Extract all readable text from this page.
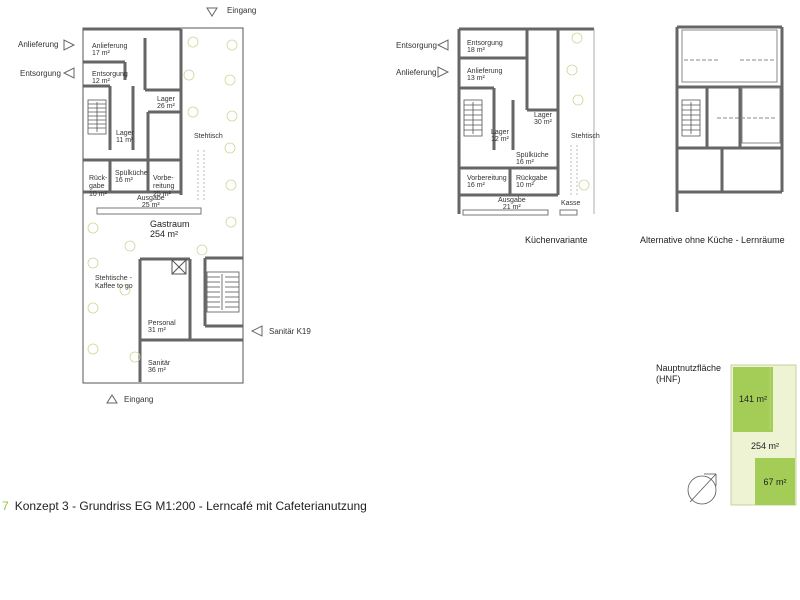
Eingang
Eingang
Anlieferung
Entsorgung
Sanitär K19
Anlieferung
17 m²
Entsorgung
12 m²
Lager
26 m²
Lager
11 m²
Stehtisch

Rück-
gabe
10 m²

Spülküche
16 m²	Vorbe-
reitung
25 m²

Ausgabe
25 m²
Gastraum
254 m²
Stehtische -
Kaffee to go
Personal
31 m²
Sanitär
36 m²
Entsorgung
Anlieferung
Entsorgung
18 m²
Anlieferung
13 m²
Lager
30 m²
Lager
12 m²	Stehtisch
Spülküche
16 m²
Vorbereitung
16 m²
Rückgabe
10 m²
Ausgabe
21 m²
Kasse
Küchenvariante	Alternative ohne Küche - Lernräume
Nauptnutzfläche
(HNF)
141 m²
254 m²
67 m²
7 Konzept 3 - Grundriss EG M1:200 - Lerncafé mit Cafeterianutzung
